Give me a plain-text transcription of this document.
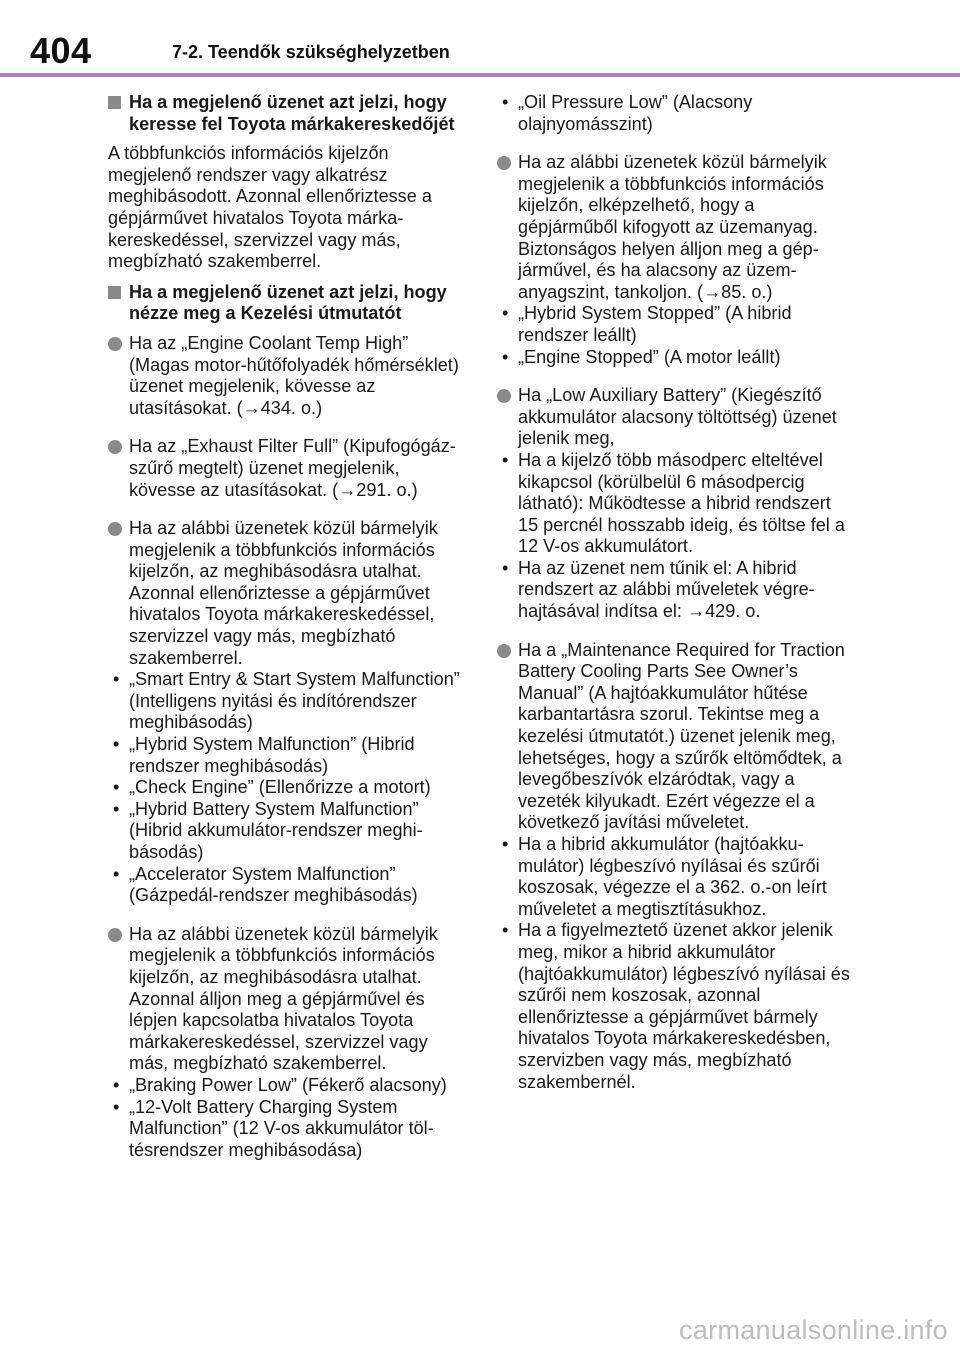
404	7-2. Teendők szükséghelyzetben
Ha a megjelenő üzenet azt jelzi, hogy keresse fel Toyota márkakereskedőjét
A többfunkciós információs kijelzőn megjelenő rendszer vagy alkatrész meghibásodott. Azonnal ellenőriztesse a gépjárművet hivatalos Toyota márkakereskedéssel, szervizzel vagy más, megbízható szakemberrel.
Ha a megjelenő üzenet azt jelzi, hogy nézze meg a Kezelési útmutatót
Ha az „Engine Coolant Temp High” (Magas motor-hűtőfolyadék hőmérséklet) üzenet megjelenik, kövesse az utasításokat. (→434. o.)
Ha az „Exhaust Filter Full” (Kipufogógáz-szűrő megtelt) üzenet megjelenik, kövesse az utasításokat. (→291. o.)
Ha az alábbi üzenetek közül bármelyik megjelenik a többfunkciós információs kijelzőn, az meghibásodásra utalhat. Azonnal ellenőriztesse a gépjárművet hivatalos Toyota márkakereskedéssel, szervizzel vagy más, megbízható szakemberrel.
• „Smart Entry & Start System Malfunction” (Intelligens nyitási és indítórendszer meghibásodás)
• „Hybrid System Malfunction” (Hibrid rendszer meghibásodás)
• „Check Engine” (Ellenőrizze a motort)
• „Hybrid Battery System Malfunction” (Hibrid akkumulátor-rendszer meghibásodás)
• „Accelerator System Malfunction” (Gázpedál-rendszer meghibásodás)
Ha az alábbi üzenetek közül bármelyik megjelenik a többfunkciós információs kijelzőn, az meghibásodásra utalhat. Azonnal álljon meg a gépjárművel és lépjen kapcsolatba hivatalos Toyota márkakereskedéssel, szervizzel vagy más, megbízható szakemberrel.
• „Braking Power Low” (Fékerő alacsony)
• „12-Volt Battery Charging System Malfunction” (12 V-os akkumulátor töltésrendszer meghibásodása)
• „Oil Pressure Low” (Alacsony olajnyomásszint)
Ha az alábbi üzenetek közül bármelyik megjelenik a többfunkciós információs kijelzőn, elképzelhető, hogy a gépjárműből kifogyott az üzemanyag. Biztonságos helyen álljon meg a gépjárművel, és ha alacsony az üzemanyagszint, tankoljon. (→85. o.)
• „Hybrid System Stopped” (A hibrid rendszer leállt)
• „Engine Stopped” (A motor leállt)
Ha „Low Auxiliary Battery” (Kiegészítő akkumulátor alacsony töltöttség) üzenet jelenik meg,
• Ha a kijelző több másodperc elteltével kikapcsol (körülbelül 6 másodpercig látható): Működtesse a hibrid rendszert 15 percnél hosszabb ideig, és töltse fel a 12 V-os akkumulátort.
• Ha az üzenet nem tűnik el: A hibrid rendszert az alábbi műveletek végrehajtásával indítsa el: →429. o.
Ha a „Maintenance Required for Traction Battery Cooling Parts See Owner’s Manual” (A hajtóakkumulátor hűtése karbantartásra szorul. Tekintse meg a kezelési útmutatót.) üzenet jelenik meg, lehetséges, hogy a szűrők eltömődtek, a levegőbeszívók elzáródtak, vagy a vezeték kilyukadt. Ezért végezze el a következő javítási műveletet.
• Ha a hibrid akkumulátor (hajtóakkumulátor) légbeszívó nyílásai és szűrői koszosak, végezze el a 362. o.-on leírt műveletet a megtisztításukhoz.
• Ha a figyelmeztető üzenet akkor jelenik meg, mikor a hibrid akkumulátor (hajtóakkumulátor) légbeszívó nyílásai és szűrői nem koszosak, azonnal ellenőriztesse a gépjárművet bármely hivatalos Toyota márkakereskedésben, szervizben vagy más, megbízható szakembernél.
carmanualsonline.info
